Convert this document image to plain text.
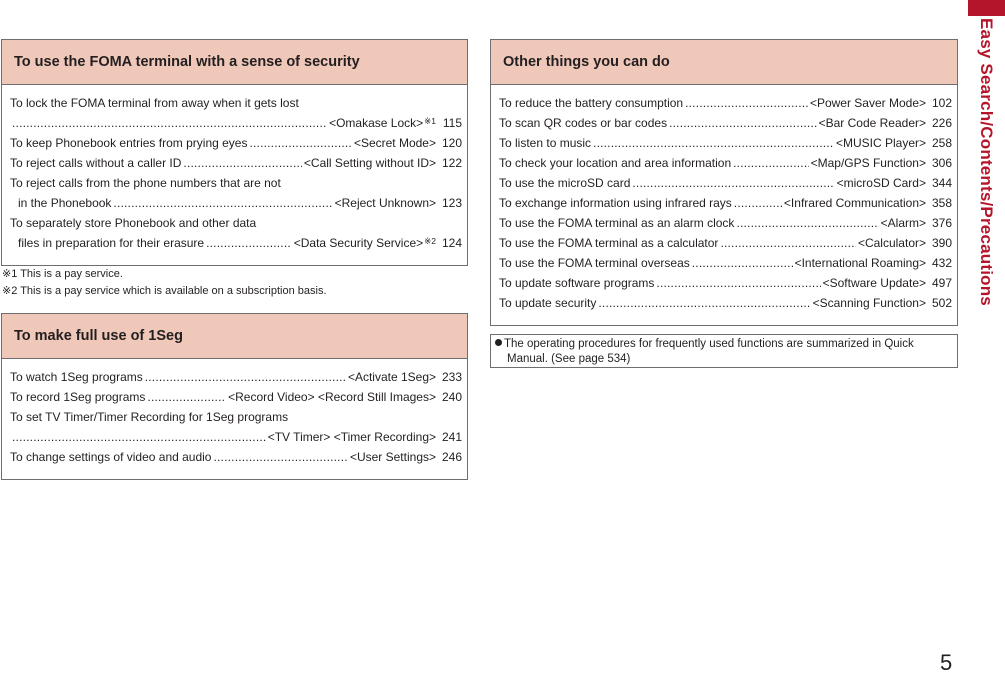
To use the FOMA terminal with a sense of security
To lock the FOMA terminal from away when it gets lost
.....
<Omakase Lock>$^{※1}$ 115
To keep Phonebook entries from prying eyes .....	<Secret Mode> 120
To reject calls without a caller ID .....	<Call Setting without ID> 122
To reject calls from the phone numbers that are not
in the Phonebook .....	<Reject Unknown> 123
To separately store Phonebook and other data
files in preparation for their erasure .....	<Data Security Service>$^{※2}$ 124
※1 This is a pay service.
※2 This is a pay service which is available on a subscription basis.
To make full use of 1Seg
To watch 1Seg programs .....	<Activate 1Seg> 233
To record 1Seg programs .....	<Record Video> <Record Still Images> 240
To set TV Timer/Timer Recording for 1Seg programs
.....
<TV Timer> <Timer Recording> 241
To change settings of video and audio .....	<User Settings> 246
Other things you can do
To reduce the battery consumption .....	<Power Saver Mode> 102
To scan QR codes or bar codes .....	<Bar Code Reader> 226
To listen to music .....	<MUSIC Player> 258
To check your location and area information .....	<Map/GPS Function> 306
To use the microSD card .....	<microSD Card> 344
To exchange information using infrared rays .....	<Infrared Communication> 358
To use the FOMA terminal as an alarm clock .....	<Alarm> 376
To use the FOMA terminal as a calculator .....	<Calculator> 390
To use the FOMA terminal overseas .....	<International Roaming> 432
To update software programs .....	<Software Update> 497
To update security .....	<Scanning Function> 502
The operating procedures for frequently used functions are summarized in Quick
Manual. (See page 534)
Easy Search/Contents/Precautions
5
